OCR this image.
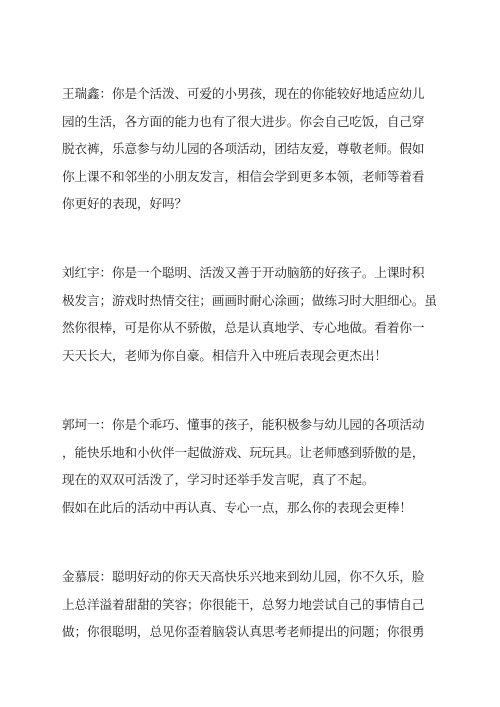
王瑞鑫：你是个活泼、可爱的小男孩，现在的你能较好地适应幼儿
园的生活，各方面的能力也有了很大进步。你会自己吃饭，自己穿
脱衣裤，乐意参与幼儿园的各项活动，团结友爱，尊敬老师。假如
你上课不和邻坐的小朋友发言，相信会学到更多本领，老师等着看
你更好的表现，好吗？
刘红宇：你是一个聪明、活泼又善于开动脑筋的好孩子。上课时积
极发言；游戏时热情交往；画画时耐心涂画；做练习时大胆细心。虽
然你很棒，可是你从不骄傲，总是认真地学、专心地做。看着你一
天天长大，老师为你自豪。相信升入中班后表现会更杰出！
郭坷一：你是个乖巧、懂事的孩子，能积极参与幼儿园的各项活动
，能快乐地和小伙伴一起做游戏、玩玩具。让老师感到骄傲的是，
现在的双双可活泼了，学习时还举手发言呢，真了不起。
假如在此后的活动中再认真、专心一点，那么你的表现会更棒！
金慕辰：聪明好动的你天天高快乐兴地来到幼儿园，你不久乐，脸
上总洋溢着甜甜的笑容；你很能干，总努力地尝试自己的事情自己
做；你很聪明，总见你歪着脑袋认真思考老师提出的问题；你很勇
